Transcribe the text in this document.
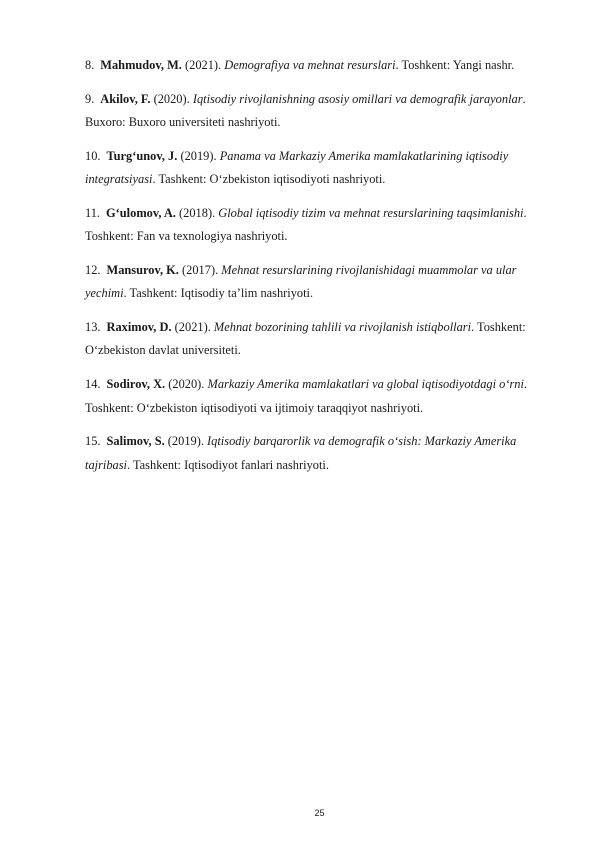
8. Mahmudov, M. (2021). Demografiya va mehnat resurslari. Toshkent: Yangi nashr.

9. Akilov, F. (2020). Iqtisodiy rivojlanishning asosiy omillari va demografik jarayonlar. Buxoro: Buxoro universiteti nashriyoti.

10. Turg‘unov, J. (2019). Panama va Markaziy Amerika mamlakatlarining iqtisodiy integratsiyasi. Tashkent: O‘zbekiston iqtisodiyoti nashriyoti.

11. G‘ulomov, A. (2018). Global iqtisodiy tizim va mehnat resurslarining taqsimlanishi. Toshkent: Fan va texnologiya nashriyoti.

12. Mansurov, K. (2017). Mehnat resurslarining rivojlanishidagi muammolar va ular yechimi. Tashkent: Iqtisodiy ta’lim nashriyoti.

13. Raximov, D. (2021). Mehnat bozorining tahlili va rivojlanish istiqbollari. Toshkent: O‘zbekiston davlat universiteti.

14. Sodirov, X. (2020). Markaziy Amerika mamlakatlari va global iqtisodiyotdagi o‘rni. Toshkent: O‘zbekiston iqtisodiyoti va ijtimoiy taraqqiyot nashriyoti.

15. Salimov, S. (2019). Iqtisodiy barqarorlik va demografik o‘sish: Markaziy Amerika tajribasi. Tashkent: Iqtisodiyot fanlari nashriyoti.

25
